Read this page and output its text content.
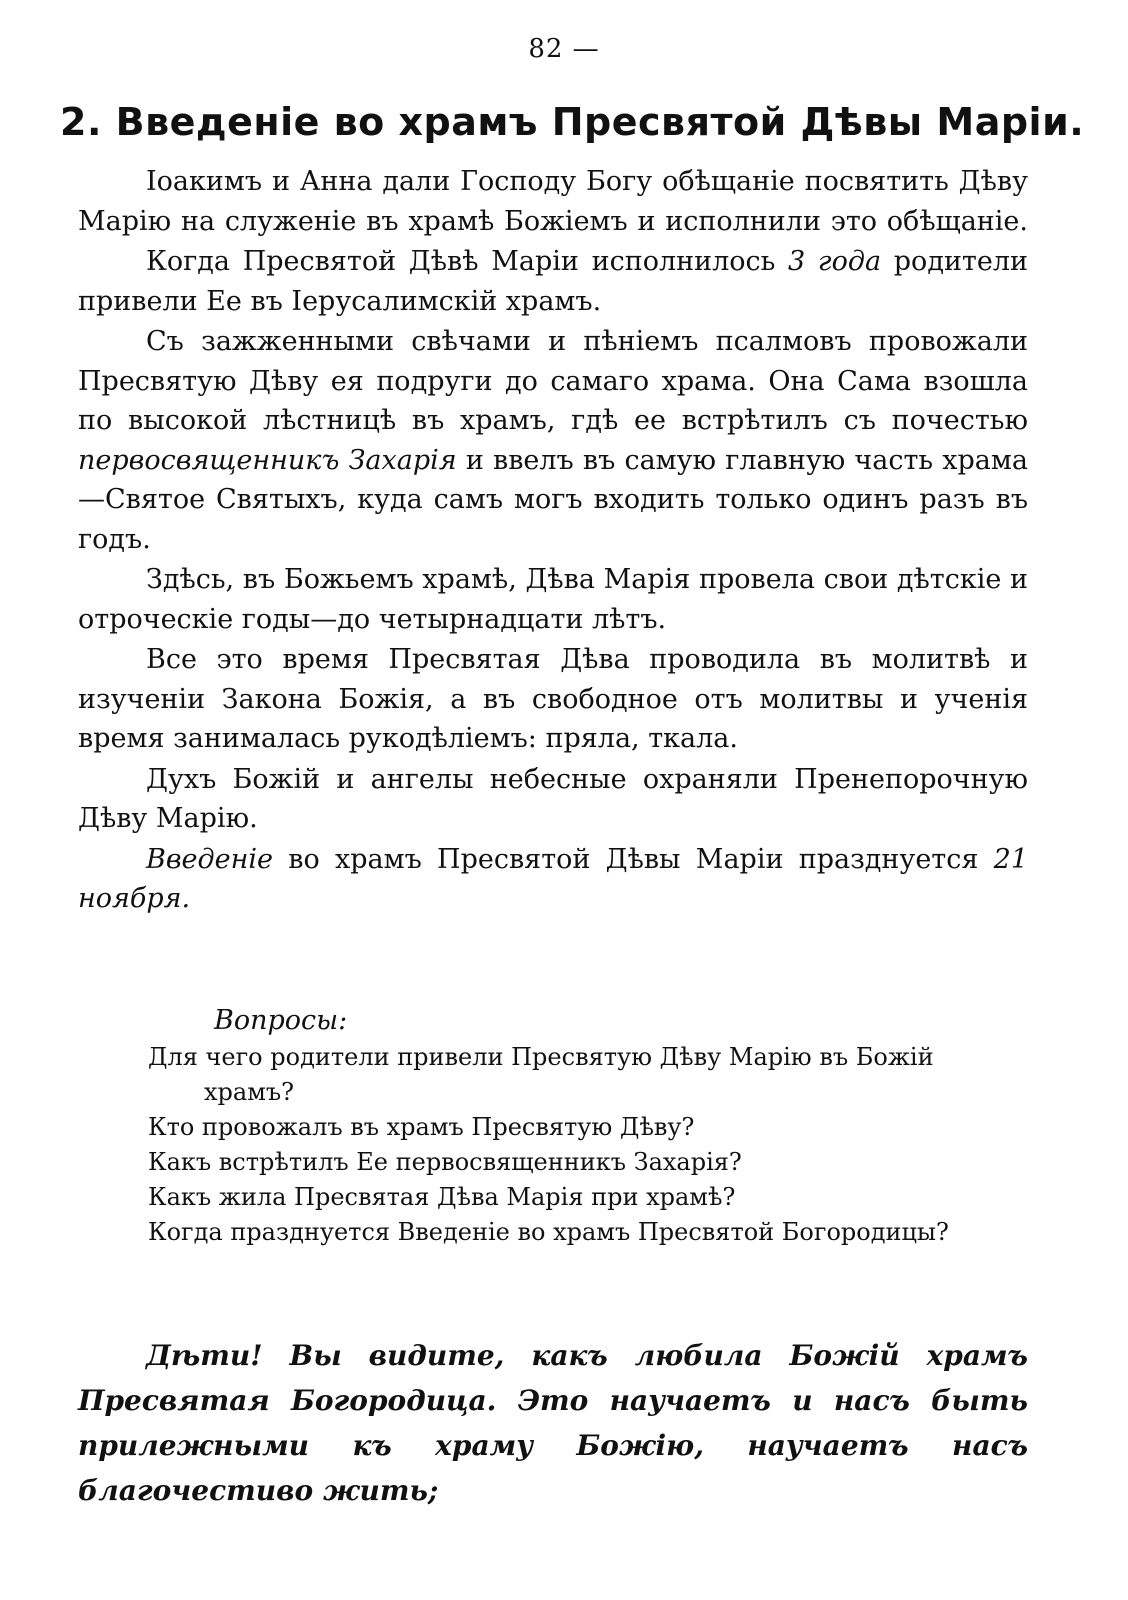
82 —
2. Введеніе во храмъ Пресвятой Дѣвы Маріи.

Іоакимъ и Анна дали Господу Богу обѣщаніе посвятить Дѣву Марію на служеніе въ храмѣ Божіемъ и исполнили это обѣщаніе.

Когда Пресвятой Дѣвѣ Маріи исполнилось 3 года родители привели Ее въ Іерусалимскій храмъ.

Съ зажженными свѣчами и пѣніемъ псалмовъ провожали Пресвятую Дѣву ея подруги до самаго храма. Она Сама взошла по высокой лѣстницѣ въ храмъ, гдѣ ее встрѣтилъ съ почестью первосвященникъ Захарія и ввелъ въ самую главную часть храма—Святое Святыхъ, куда самъ могъ входить только одинъ разъ въ годъ.

Здѣсь, въ Божьемъ храмѣ, Дѣва Марія провела свои дѣтскіе и отроческіе годы—до четырнадцати лѣтъ.

Все это время Пресвятая Дѣва проводила въ молитвѣ и изученіи Закона Божія, а въ свободное отъ молитвы и ученія время занималась рукодѣліемъ: пряла, ткала.

Духъ Божій и ангелы небесные охраняли Пренепорочную Дѣву Марію.

Введеніе во храмъ Пресвятой Дѣвы Маріи празднуется 21 ноября.

Вопросы:
Для чего родители привели Пресвятую Дѣву Марію въ Божій храмъ?
Кто провожалъ въ храмъ Пресвятую Дѣву?
Какъ встрѣтилъ Ее первосвященникъ Захарія?
Какъ жила Пресвятая Дѣва Марія при храмѣ?
Когда празднуется Введеніе во храмъ Пресвятой Богородицы?

Дѣти! Вы видите, какъ любила Божій храмъ Пресвятая Богородица. Это научаетъ и насъ быть прилежными къ храму Божію, научаетъ насъ благочестиво жить;
